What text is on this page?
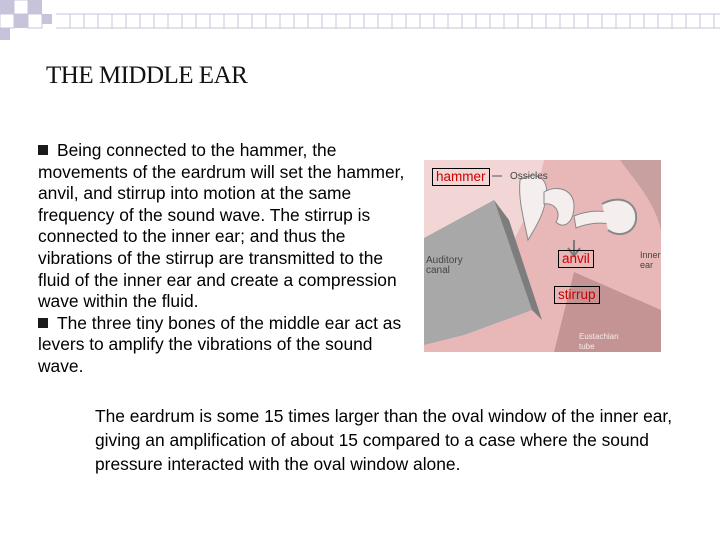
THE MIDDLE EAR

Being connected to the hammer, the movements of the eardrum will set the hammer, anvil, and stirrup into motion at the same frequency of the sound wave. The stirrup is connected to the inner ear; and thus the vibrations of the stirrup are transmitted to the fluid of the inner ear and create a compression wave within the fluid.

The three tiny bones of the middle ear act as levers to amplify the vibrations of the sound wave.

hammer
anvil
stirrup
Ossicles
Auditory canal
Inner ear
Eustachian tube
The eardrum is some 15 times larger than the oval window of the inner ear, giving an amplification of about 15 compared to a case where the sound pressure interacted with the oval window alone.
